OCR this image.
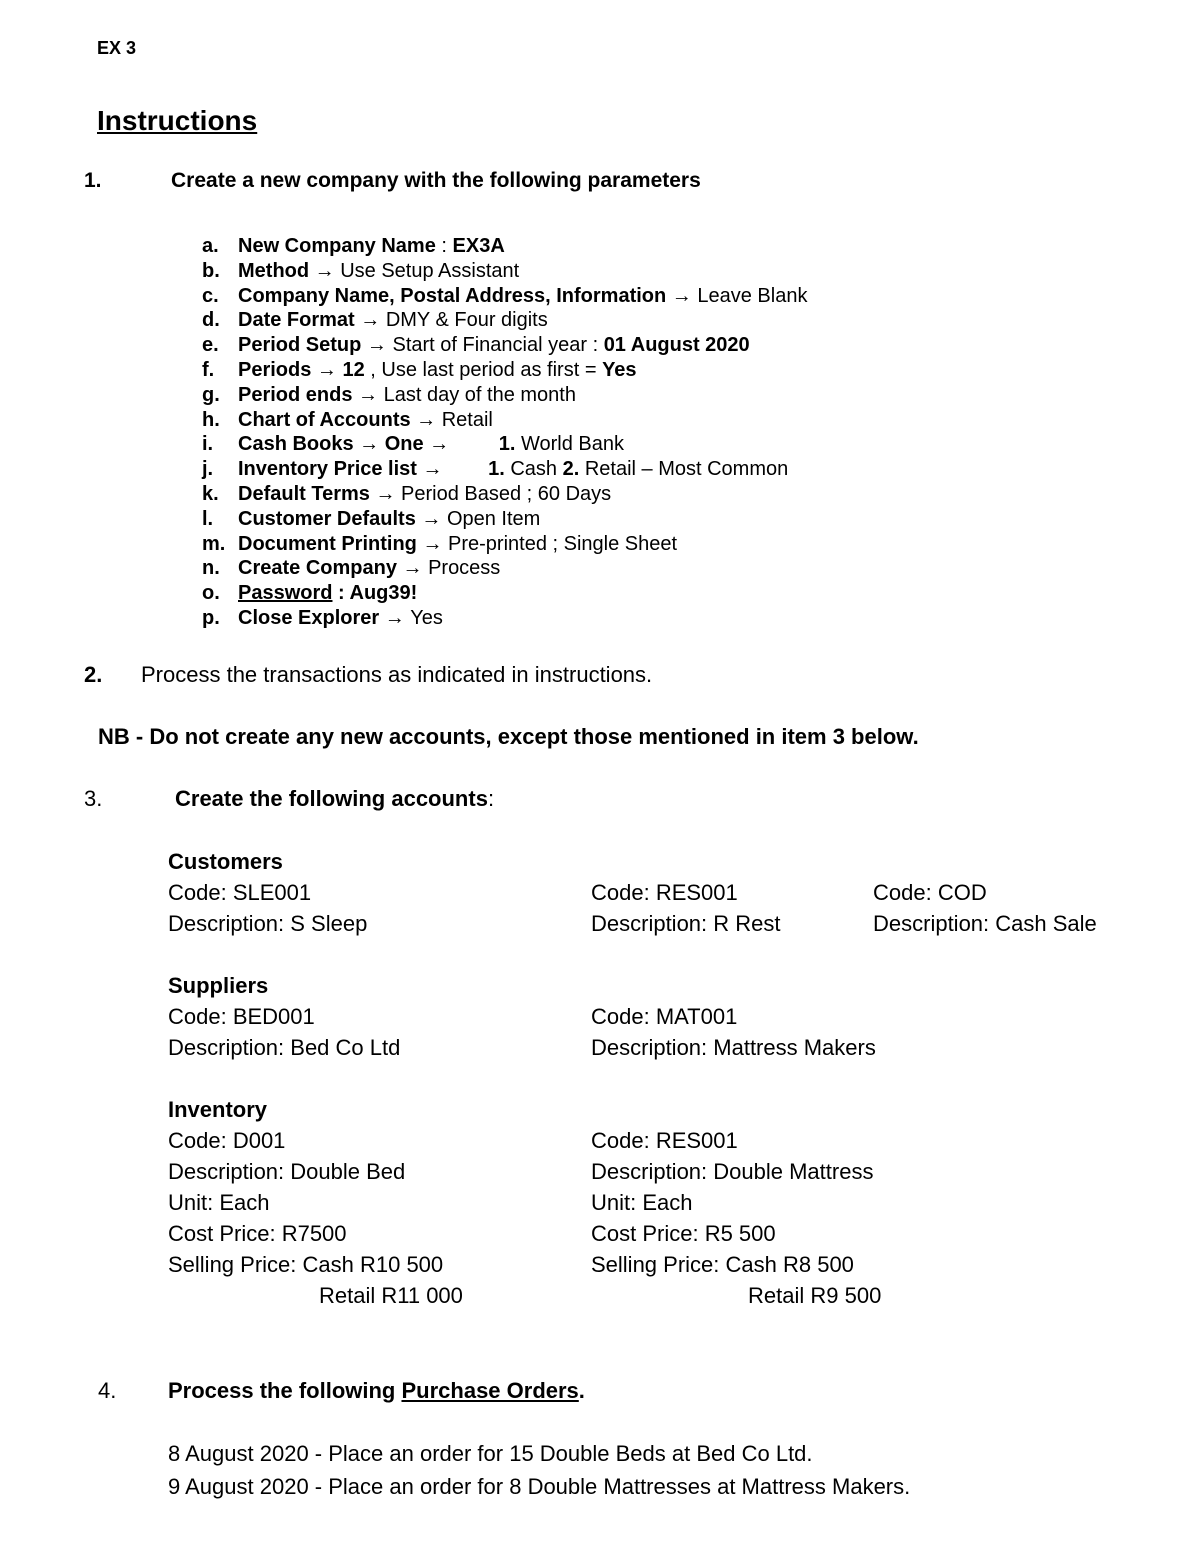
EX 3
Instructions
1.	Create a new company with the following parameters
a. New Company Name : EX3A
b. Method → Use Setup Assistant
c. Company Name, Postal Address, Information → Leave Blank
d. Date Format → DMY & Four digits
e. Period Setup → Start of Financial year : 01 August 2020
f.	Periods → 12 , Use last period as first = Yes
g. Period ends → Last day of the month
h. Chart of Accounts → Retail
i.	Cash Books → One → 1. World Bank
j.	Inventory Price list → 1. Cash 2. Retail – Most Common
k. Default Terms → Period Based ; 60 Days
l.	Customer Defaults → Open Item
m. Document Printing → Pre-printed ; Single Sheet
n. Create Company → Process
o. Password : Aug39!
p. Close Explorer → Yes
2. Process the transactions as indicated in instructions.
NB - Do not create any new accounts, except those mentioned in item 3 below.
3.	Create the following accounts:
Customers
Code: SLE001
Description: S Sleep
Code: RES001
Description: R Rest
Code: COD
Description: Cash Sale
Suppliers
Code: BED001
Description: Bed Co Ltd
Code: MAT001
Description: Mattress Makers
Inventory
Code: D001
Description: Double Bed
Unit: Each
Cost Price: R7500
Selling Price: Cash R10 500
Retail R11 000
Code: RES001
Description: Double Mattress
Unit: Each
Cost Price: R5 500
Selling Price: Cash R8 500
Retail R9 500
4. Process the following Purchase Orders.
8 August 2020 - Place an order for 15 Double Beds at Bed Co Ltd.
9 August 2020 - Place an order for 8 Double Mattresses at Mattress Makers.
